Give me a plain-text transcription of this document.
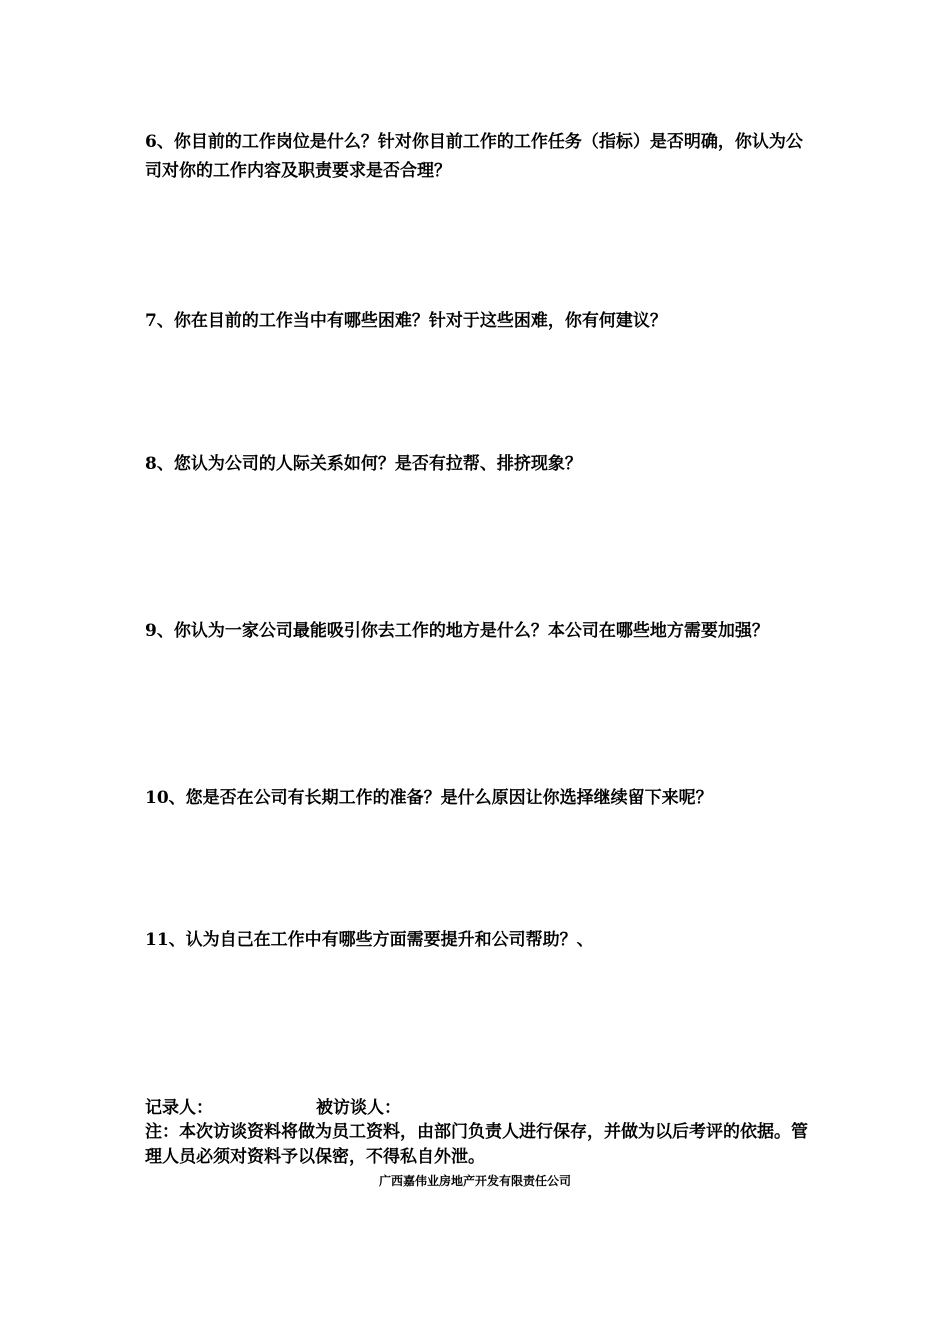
6、你目前的工作岗位是什么？针对你目前工作的工作任务（指标）是否明确，你认为公司对你的工作内容及职责要求是否合理？

7、你在目前的工作当中有哪些困难？针对于这些困难，你有何建议？

8、您认为公司的人际关系如何？是否有拉帮、排挤现象？

9、你认为一家公司最能吸引你去工作的地方是什么？本公司在哪些地方需要加强？

10、您是否在公司有长期工作的准备？是什么原因让你选择继续留下来呢？

11、认为自己在工作中有哪些方面需要提升和公司帮助？、

记录人：	被访谈人：

注：本次访谈资料将做为员工资料，由部门负责人进行保存，并做为以后考评的依据。管理人员必须对资料予以保密，不得私自外泄。

广西嘉伟业房地产开发有限责任公司
